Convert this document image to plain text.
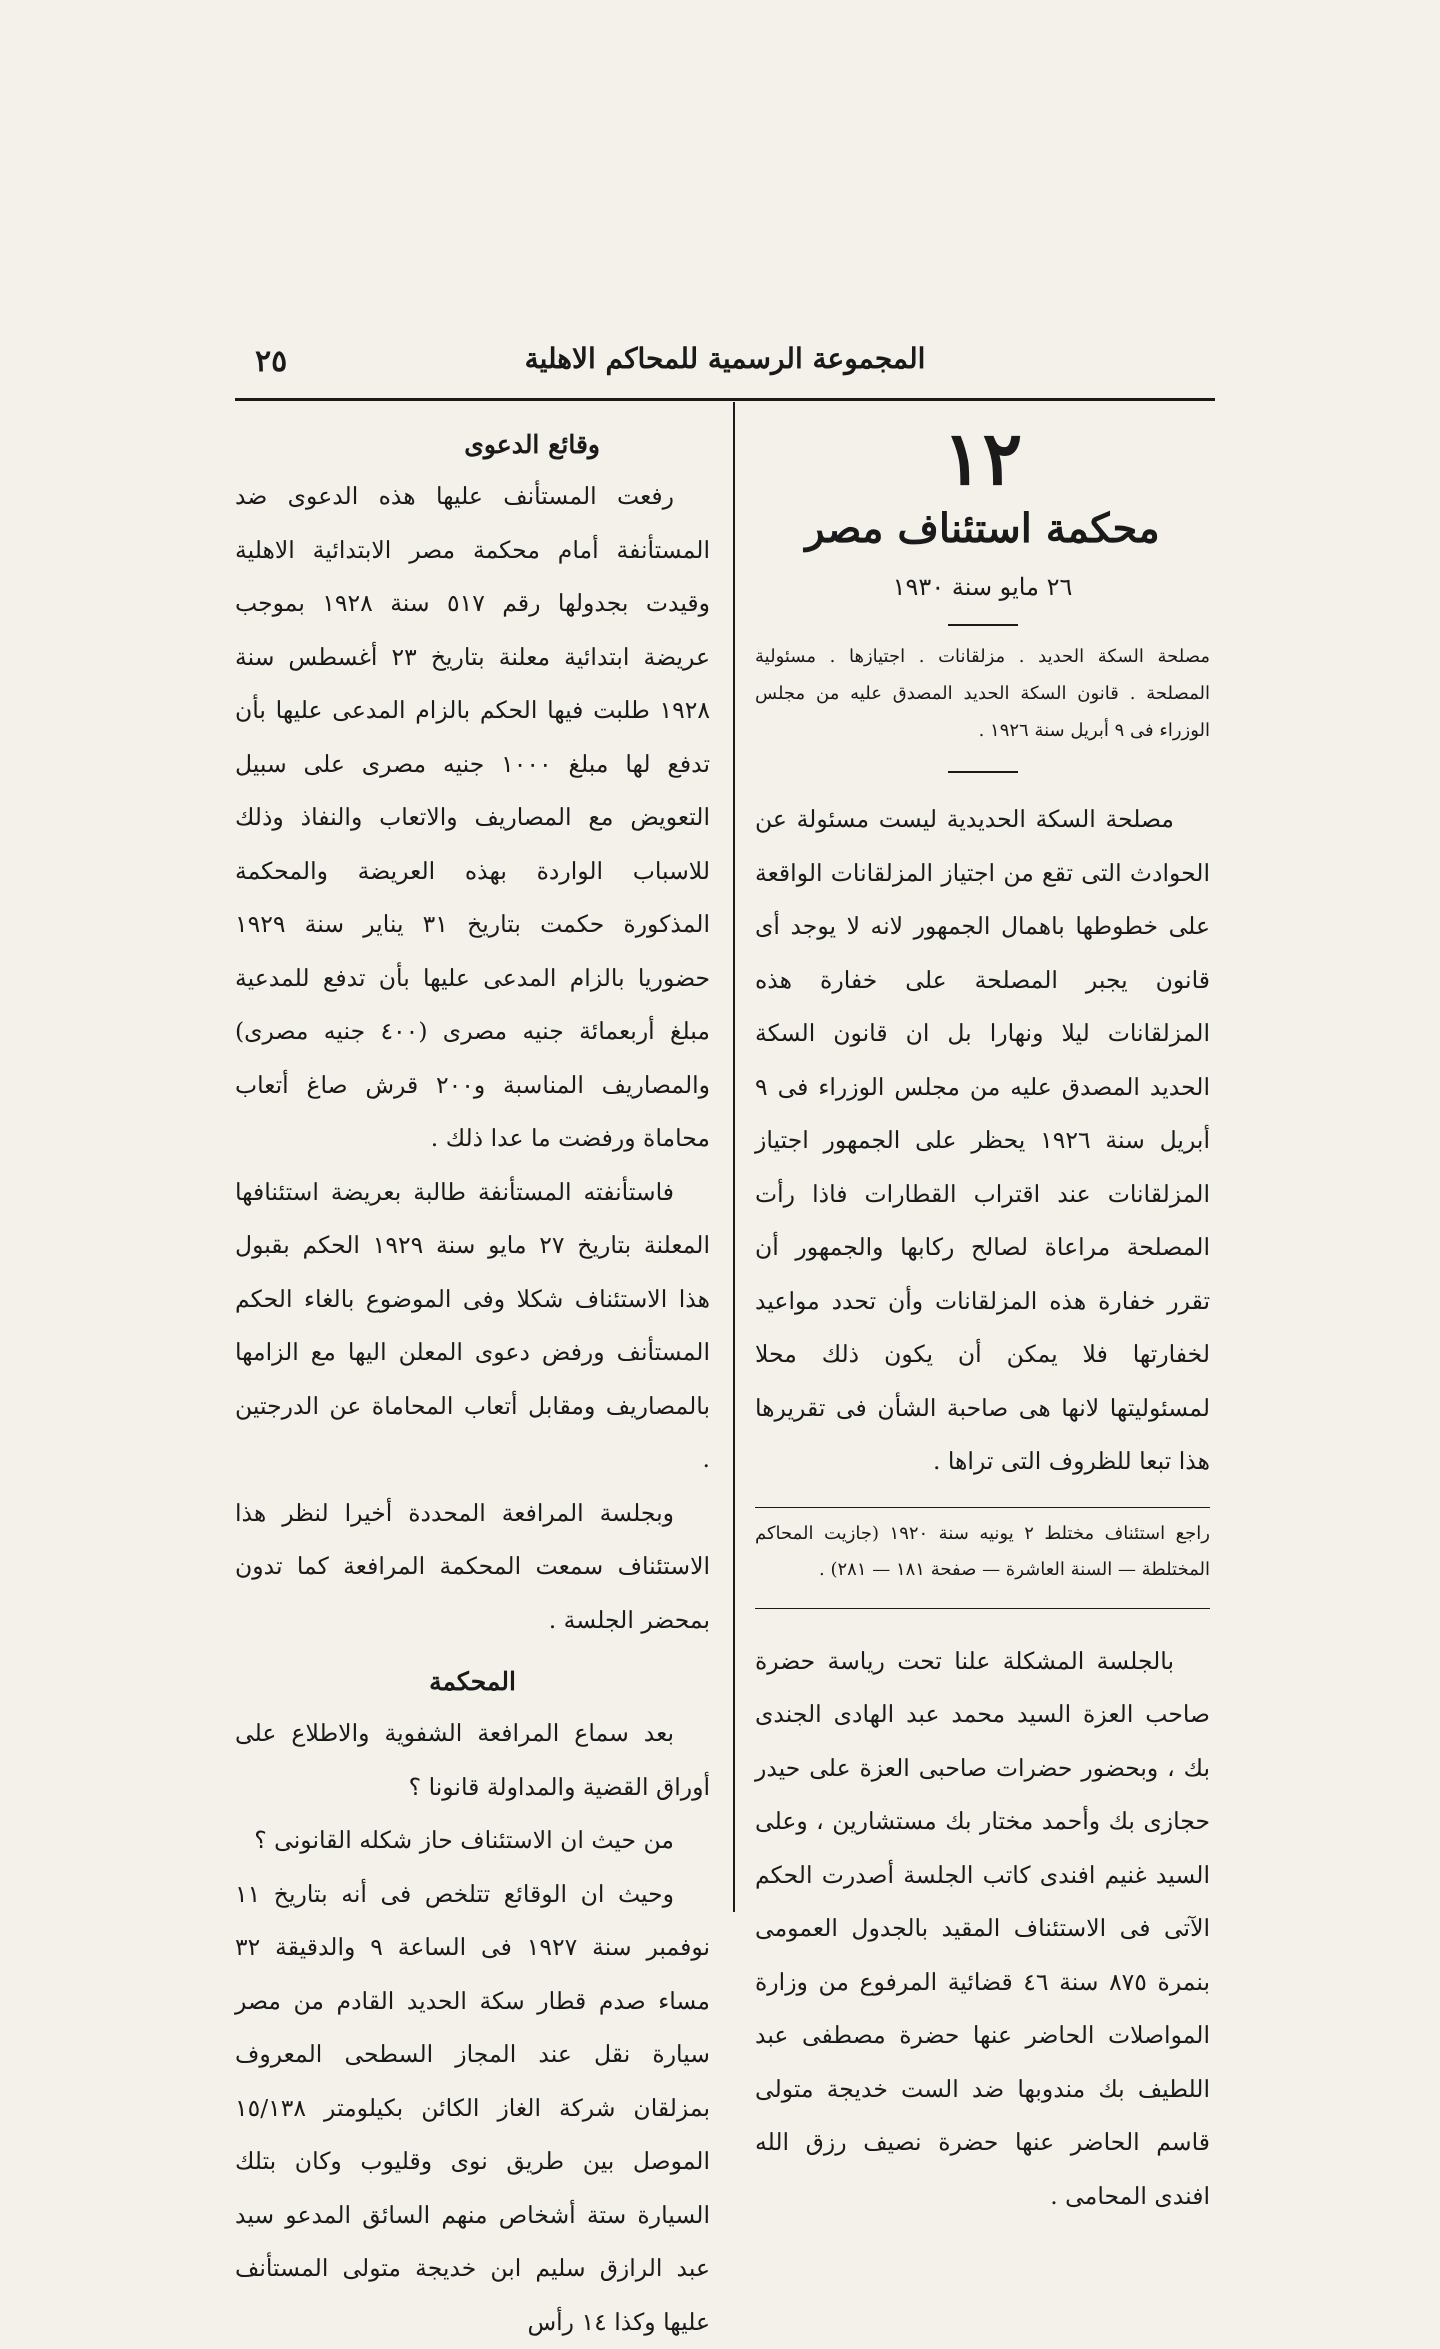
المجموعة الرسمية للمحاكم الاهلية
٢٥

١٢

محكمة استئناف مصر

٢٦ مايو سنة ١٩٣٠

مصلحة السكة الحديد . مزلقانات . اجتيازها . مسئولية المصلحة . قانون السكة الحديد المصدق عليه من مجلس الوزراء فى ٩ أبريل سنة ١٩٢٦ .

مصلحة السكة الحديدية ليست مسئولة عن الحوادث التى تقع من اجتياز المزلقانات الواقعة على خطوطها باهمال الجمهور لانه لا يوجد أى قانون يجبر المصلحة على خفارة هذه المزلقانات ليلا ونهارا بل ان قانون السكة الحديد المصدق عليه من مجلس الوزراء فى ٩ أبريل سنة ١٩٢٦ يحظر على الجمهور اجتياز المزلقانات عند اقتراب القطارات فاذا رأت المصلحة مراعاة لصالح ركابها والجمهور أن تقرر خفارة هذه المزلقانات وأن تحدد مواعيد لخفارتها فلا يمكن أن يكون ذلك محلا لمسئوليتها لانها هى صاحبة الشأن فى تقريرها هذا تبعا للظروف التى تراها .

راجع استئناف مختلط ٢ يونيه سنة ١٩٢٠ (جازيت المحاكم المختلطة — السنة العاشرة — صفحة ١٨١ — ٢٨١) .

بالجلسة المشكلة علنا تحت رياسة حضرة صاحب العزة السيد محمد عبد الهادى الجندى بك ، وبحضور حضرات صاحبى العزة على حيدر حجازى بك وأحمد مختار بك مستشارين ، وعلى السيد غنيم افندى كاتب الجلسة أصدرت الحكم الآتى فى الاستئناف المقيد بالجدول العمومى بنمرة ٨٧٥ سنة ٤٦ قضائية المرفوع من وزارة المواصلات الحاضر عنها حضرة مصطفى عبد اللطيف بك مندوبها ضد الست خديجة متولى قاسم الحاضر عنها حضرة نصيف رزق الله افندى المحامى .

وقائع الدعوى

رفعت المستأنف عليها هذه الدعوى ضد المستأنفة أمام محكمة مصر الابتدائية الاهلية وقيدت بجدولها رقم ٥١٧ سنة ١٩٢٨ بموجب عريضة ابتدائية معلنة بتاريخ ٢٣ أغسطس سنة ١٩٢٨ طلبت فيها الحكم بالزام المدعى عليها بأن تدفع لها مبلغ ١٠٠٠ جنيه مصرى على سبيل التعويض مع المصاريف والاتعاب والنفاذ وذلك للاسباب الواردة بهذه العريضة والمحكمة المذكورة حكمت بتاريخ ٣١ يناير سنة ١٩٢٩ حضوريا بالزام المدعى عليها بأن تدفع للمدعية مبلغ أربعمائة جنيه مصرى (٤٠٠ جنيه مصرى) والمصاريف المناسبة و٢٠٠ قرش صاغ أتعاب محاماة ورفضت ما عدا ذلك .

فاستأنفته المستأنفة طالبة بعريضة استئنافها المعلنة بتاريخ ٢٧ مايو سنة ١٩٢٩ الحكم بقبول هذا الاستئناف شكلا وفى الموضوع بالغاء الحكم المستأنف ورفض دعوى المعلن اليها مع الزامها بالمصاريف ومقابل أتعاب المحاماة عن الدرجتين .

وبجلسة المرافعة المحددة أخيرا لنظر هذا الاستئناف سمعت المحكمة المرافعة كما تدون بمحضر الجلسة .

المحكمة

بعد سماع المرافعة الشفوية والاطلاع على أوراق القضية والمداولة قانونا ؟

من حيث ان الاستئناف حاز شكله القانونى ؟

وحيث ان الوقائع تتلخص فى أنه بتاريخ ١١ نوفمبر سنة ١٩٢٧ فى الساعة ٩ والدقيقة ٣٢ مساء صدم قطار سكة الحديد القادم من مصر سيارة نقل عند المجاز السطحى المعروف بمزلقان شركة الغاز الكائن بكيلومتر ١٥/١٣٨ الموصل بين طريق نوى وقليوب وكان بتلك السيارة ستة أشخاص منهم السائق المدعو سيد عبد الرازق سليم ابن خديجة متولى المستأنف عليها وكذا ١٤ رأس
